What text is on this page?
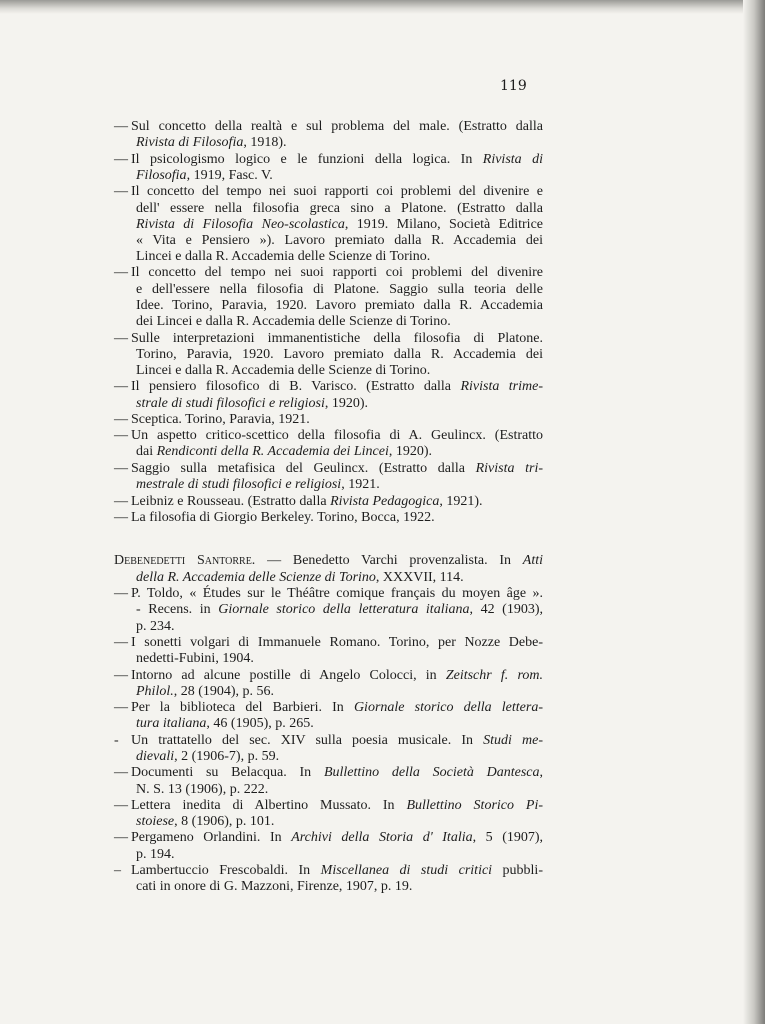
119
— Sul concetto della realtà e sul problema del male. (Estratto dalla
Rivista di Filosofia, 1918).
— Il psicologismo logico e le funzioni della logica. In Rivista di
Filosofia, 1919, Fasc. V.
— Il concetto del tempo nei suoi rapporti coi problemi del divenire e
dell' essere nella filosofia greca sino a Platone. (Estratto dalla
Rivista di Filosofia Neo-scolastica, 1919. Milano, Società Editrice
« Vita e Pensiero »). Lavoro premiato dalla R. Accademia dei
Lincei e dalla R. Accademia delle Scienze di Torino.
— Il concetto del tempo nei suoi rapporti coi problemi del divenire
e dell'essere nella filosofia di Platone. Saggio sulla teoria delle
Idee. Torino, Paravia, 1920. Lavoro premiato dalla R. Accademia
dei Lincei e dalla R. Accademia delle Scienze di Torino.
— Sulle interpretazioni immanentistiche della filosofia di Platone.
Torino, Paravia, 1920. Lavoro premiato dalla R. Accademia dei
Lincei e dalla R. Accademia delle Scienze di Torino.
— Il pensiero filosofico di B. Varisco. (Estratto dalla Rivista trime-
strale di studi filosofici e religiosi, 1920).
— Sceptica. Torino, Paravia, 1921.
— Un aspetto critico-scettico della filosofia di A. Geulincx. (Estratto
dai Rendiconti della R. Accademia dei Lincei, 1920).
— Saggio sulla metafisica del Geulincx. (Estratto dalla Rivista tri-
mestrale di studi filosofici e religiosi, 1921.
— Leibniz e Rousseau. (Estratto dalla Rivista Pedagogica, 1921).
— La filosofia di Giorgio Berkeley. Torino, Bocca, 1922.
Debenedetti Santorre. — Benedetto Varchi provenzalista. In Atti
della R. Accademia delle Scienze di Torino, XXXVII, 114.
— P. Toldo, « Études sur le Théâtre comique français du moyen âge ».
- Recens. in Giornale storico della letteratura italiana, 42 (1903),
p. 234.
— I sonetti volgari di Immanuele Romano. Torino, per Nozze Debe-
nedetti-Fubini, 1904.
— Intorno ad alcune postille di Angelo Colocci, in Zeitschr f. rom.
Philol., 28 (1904), p. 56.
— Per la biblioteca del Barbieri. In Giornale storico della lettera-
tura italiana, 46 (1905), p. 265.
- Un trattatello del sec. XIV sulla poesia musicale. In Studi me-
dievali, 2 (1906-7), p. 59.
— Documenti su Belacqua. In Bullettino della Società Dantesca,
N. S. 13 (1906), p. 222.
— Lettera inedita di Albertino Mussato. In Bullettino Storico Pi-
stoiese, 8 (1906), p. 101.
— Pergameno Orlandini. In Archivi della Storia d' Italia, 5 (1907),
p. 194.
– Lambertuccio Frescobaldi. In Miscellanea di studi critici pubbli-
cati in onore di G. Mazzoni, Firenze, 1907, p. 19.
